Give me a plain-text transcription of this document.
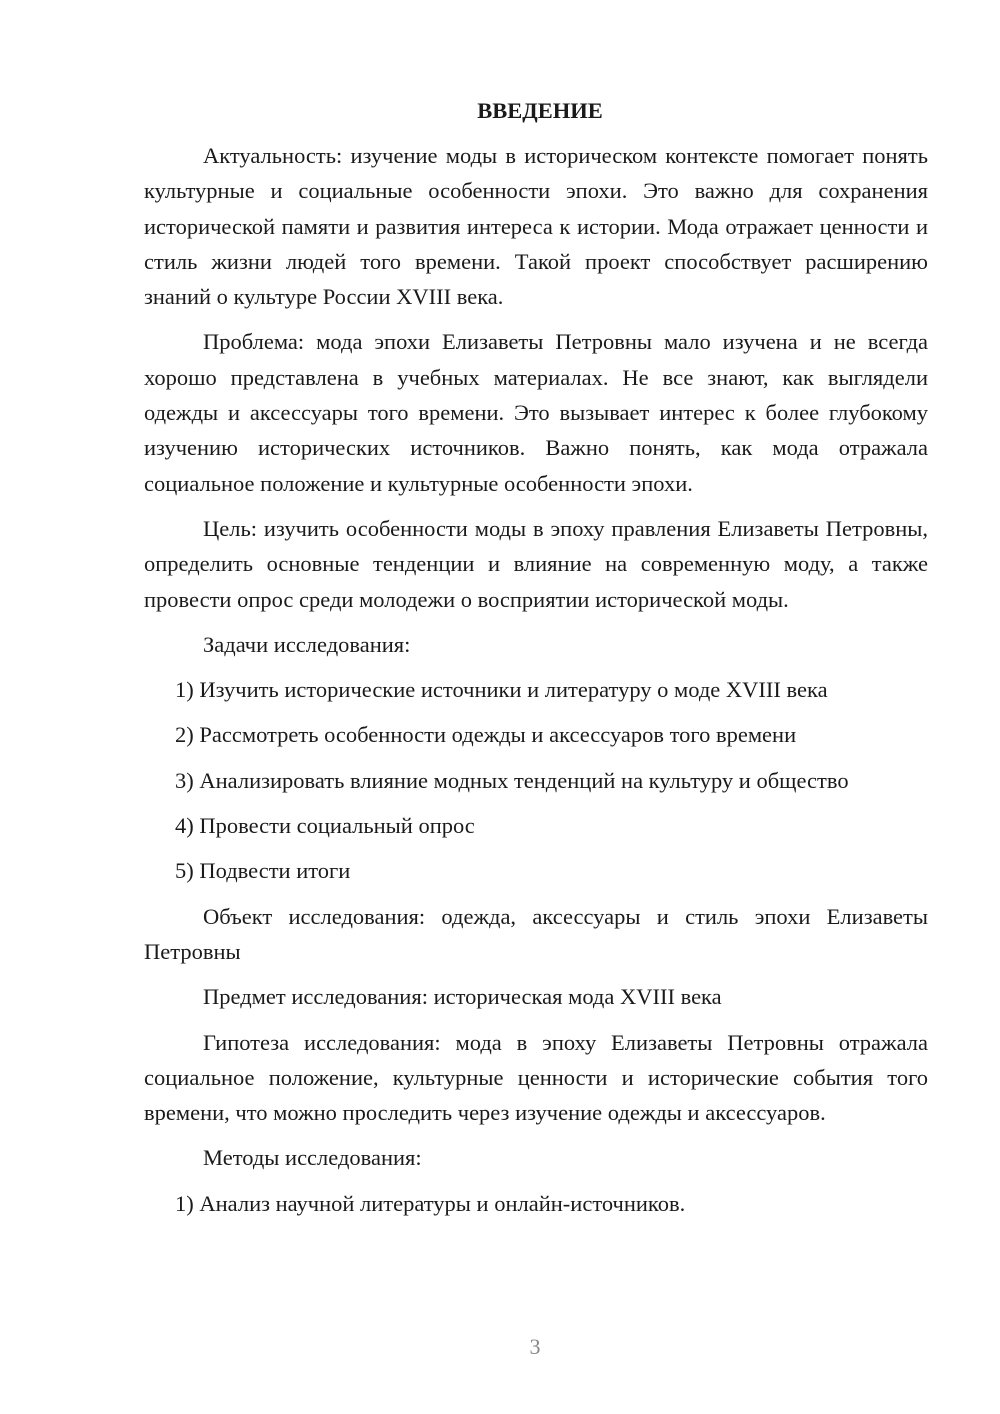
ВВЕДЕНИЕ

Актуальность: изучение моды в историческом контексте помогает понять культурные и социальные особенности эпохи. Это важно для сохранения исторической памяти и развития интереса к истории. Мода отражает ценности и стиль жизни людей того времени. Такой проект способствует расширению знаний о культуре России XVIII века.

Проблема: мода эпохи Елизаветы Петровны мало изучена и не всегда хорошо представлена в учебных материалах. Не все знают, как выглядели одежды и аксессуары того времени. Это вызывает интерес к более глубокому изучению исторических источников. Важно понять, как мода отражала социальное положение и культурные особенности эпохи.

Цель: изучить особенности моды в эпоху правления Елизаветы Петровны, определить основные тенденции и влияние на современную моду, а также провести опрос среди молодежи о восприятии исторической моды.

Задачи исследования:

1) Изучить исторические источники и литературу о моде XVIII века

2) Рассмотреть особенности одежды и аксессуаров того времени

3) Анализировать влияние модных тенденций на культуру и общество

4) Провести социальный опрос

5) Подвести итоги

Объект исследования: одежда, аксессуары и стиль эпохи Елизаветы Петровны

Предмет исследования: историческая мода XVIII века

Гипотеза исследования: мода в эпоху Елизаветы Петровны отражала социальное положение, культурные ценности и исторические события того времени, что можно проследить через изучение одежды и аксессуаров.

Методы исследования:

1) Анализ научной литературы и онлайн-источников.

3
